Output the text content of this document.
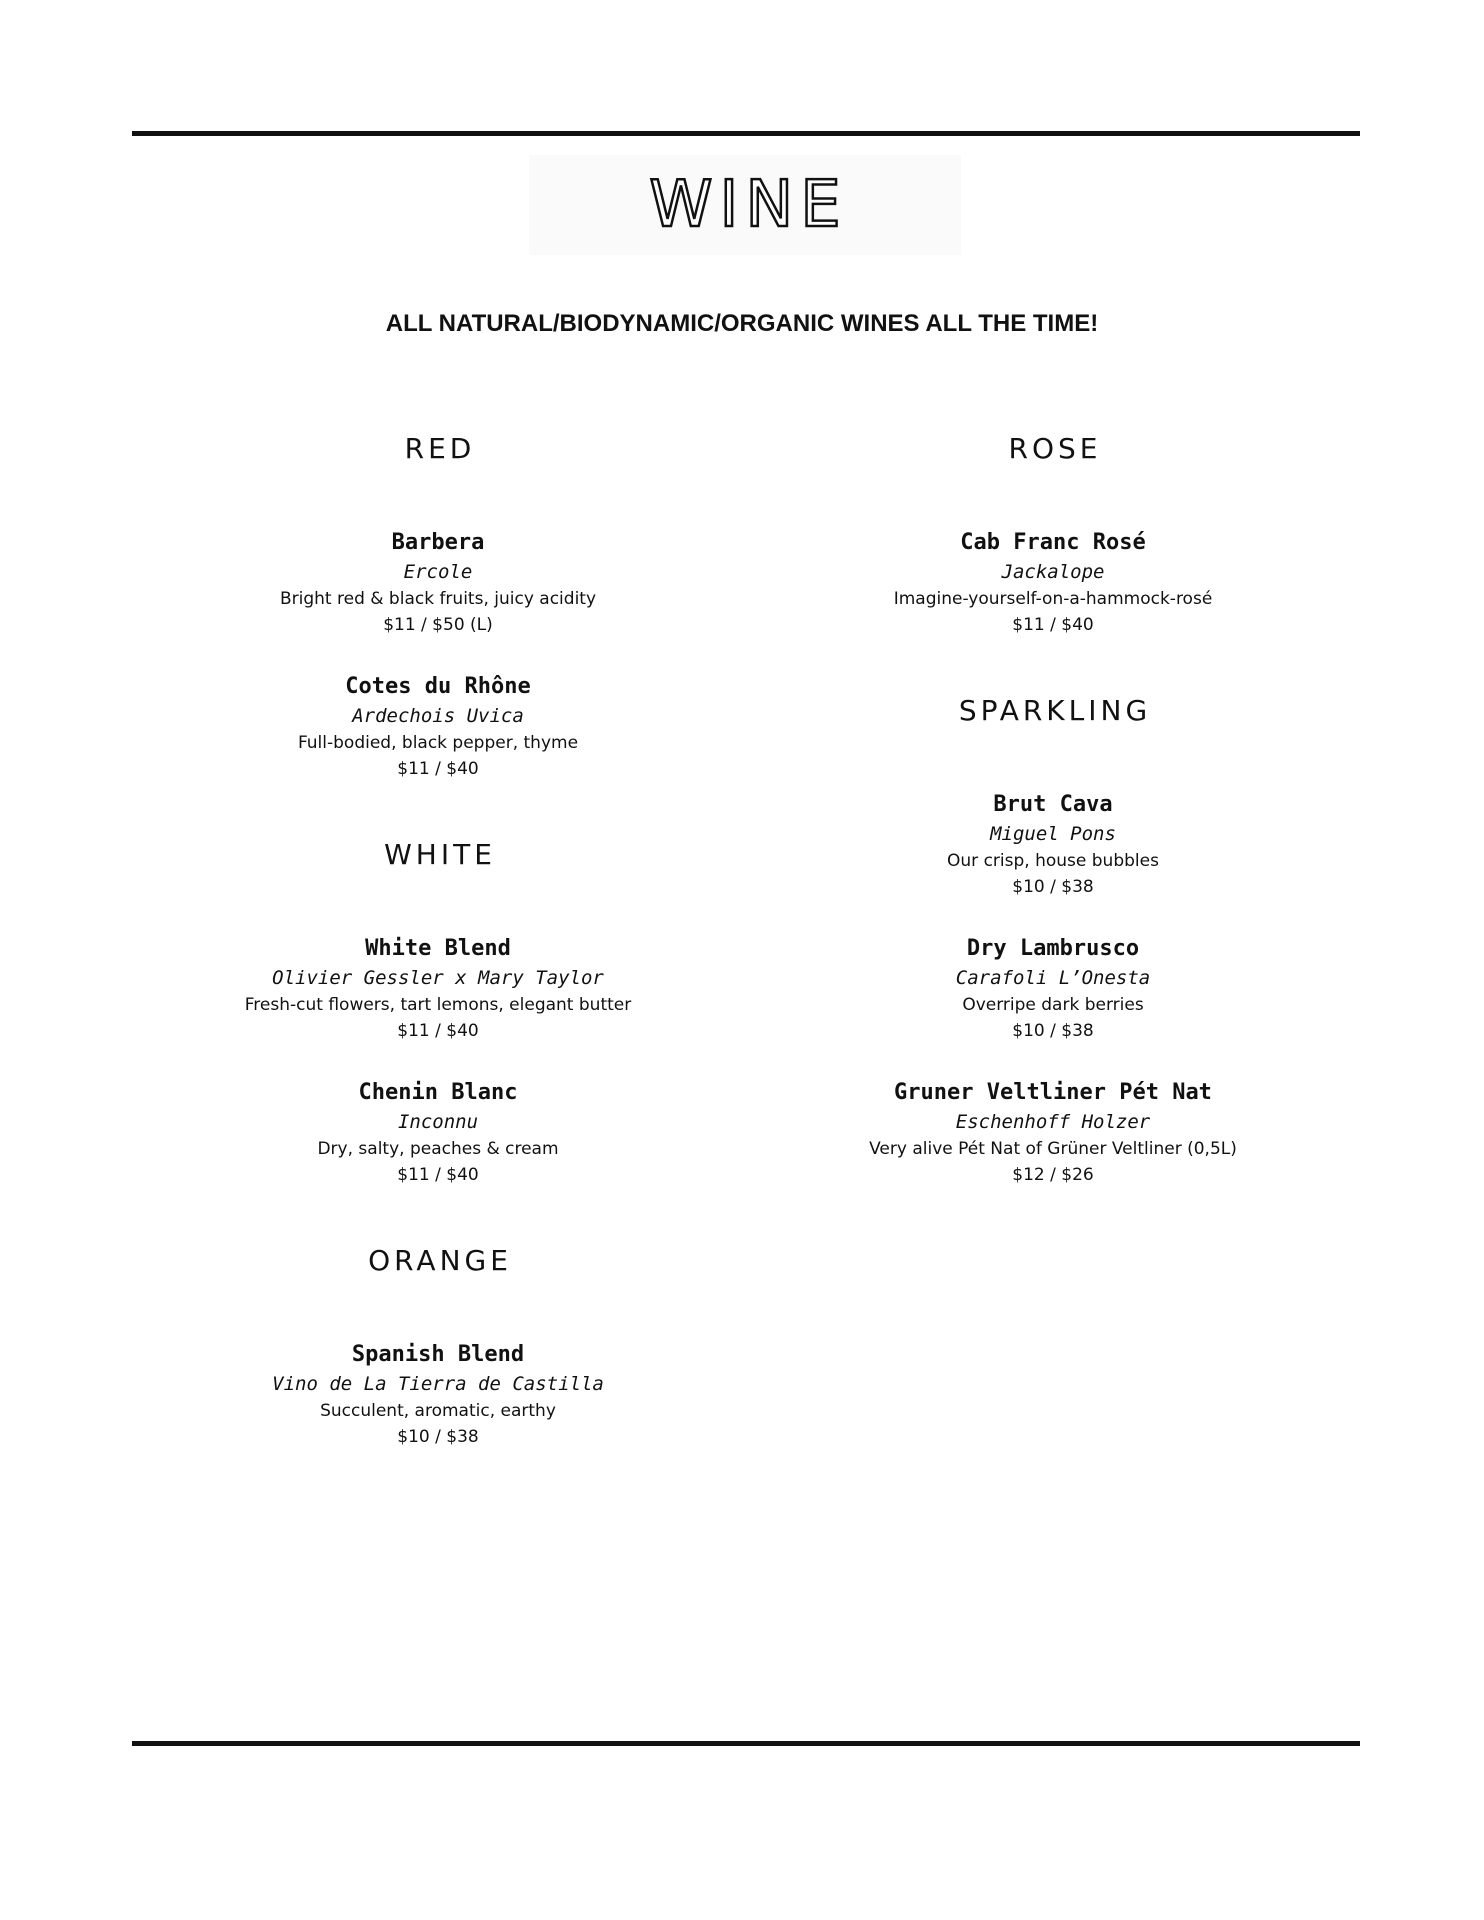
WINE
ALL NATURAL/BIODYNAMIC/ORGANIC WINES ALL THE TIME!
RED
Barbera
Ercole
Bright red & black fruits, juicy acidity
$11 / $50 (L)
Cotes du Rhône
Ardechois Uvica
Full-bodied, black pepper, thyme
$11 / $40
WHITE
White Blend
Olivier Gessler x Mary Taylor
Fresh-cut flowers, tart lemons, elegant butter
$11 / $40
Chenin Blanc
Inconnu
Dry, salty, peaches & cream
$11 / $40
ORANGE
Spanish Blend
Vino de La Tierra de Castilla
Succulent, aromatic, earthy
$10 / $38
ROSE
Cab Franc Rosé
Jackalope
Imagine-yourself-on-a-hammock-rosé
$11 / $40
SPARKLING
Brut Cava
Miguel Pons
Our crisp, house bubbles
$10 / $38
Dry Lambrusco
Carafoli L’Onesta
Overripe dark berries
$10 / $38
Gruner Veltliner Pét Nat
Eschenhoff Holzer
Very alive Pét Nat of Grüner Veltliner (0,5L)
$12 / $26
